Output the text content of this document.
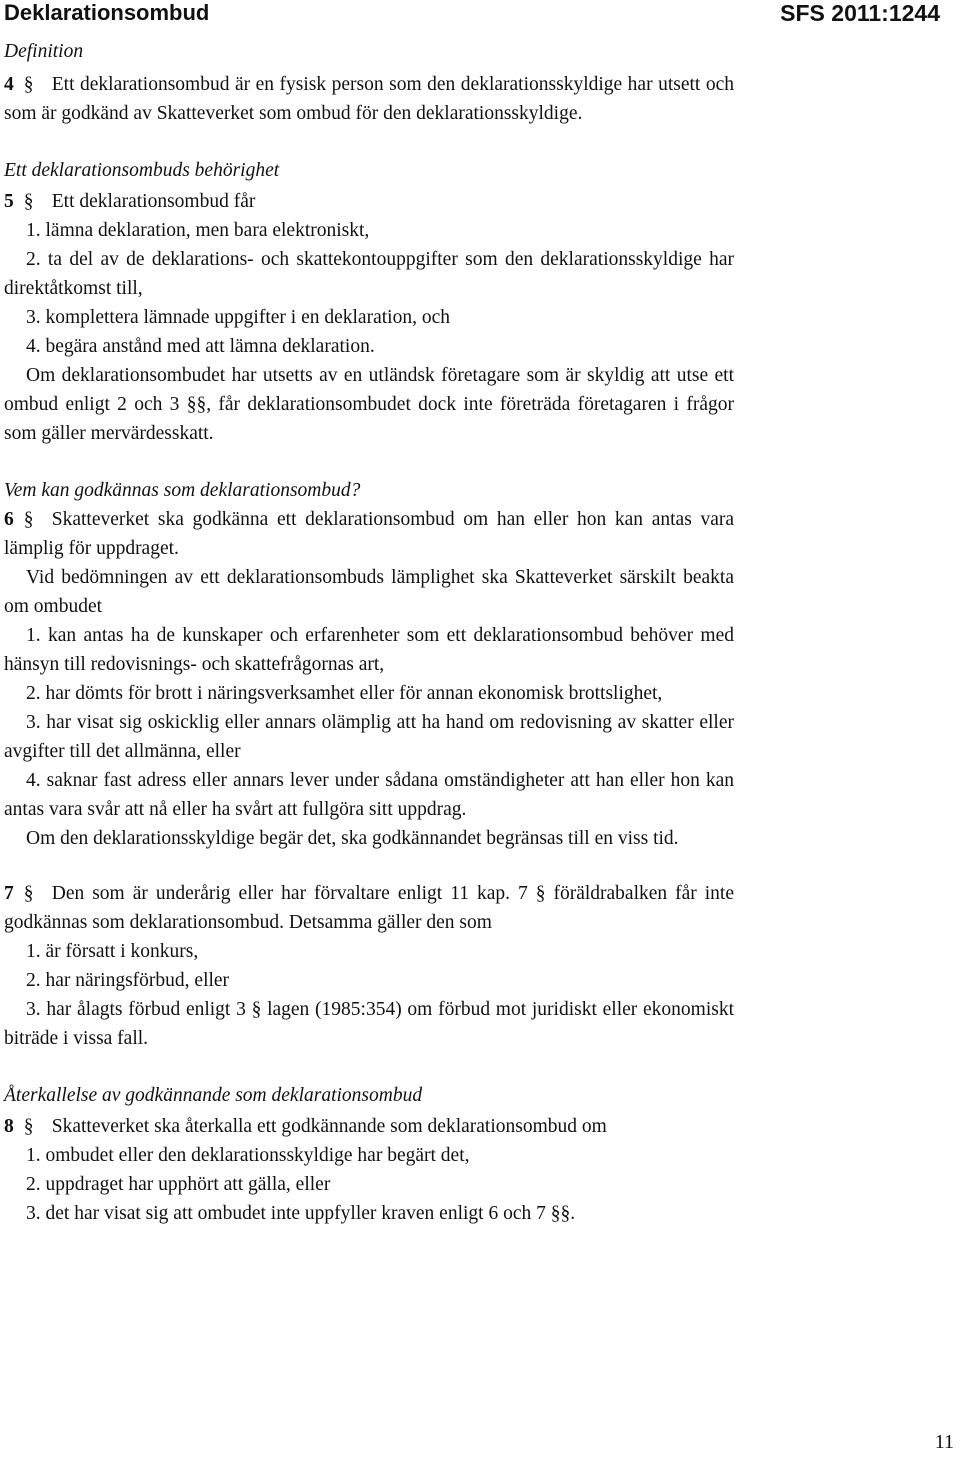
Deklarationsombud	SFS 2011:1244

Definition

4 § Ett deklarationsombud är en fysisk person som den deklarationsskyldige har utsett och som är godkänd av Skatteverket som ombud för den deklarationsskyldige.

Ett deklarationsombuds behörighet

5 § Ett deklarationsombud får

1. lämna deklaration, men bara elektroniskt,

2. ta del av de deklarations- och skattekontouppgifter som den deklarationsskyldige har direktåtkomst till,

3. komplettera lämnade uppgifter i en deklaration, och

4. begära anstånd med att lämna deklaration.

Om deklarationsombudet har utsetts av en utländsk företagare som är skyldig att utse ett ombud enligt 2 och 3 §§, får deklarationsombudet dock inte företräda företagaren i frågor som gäller mervärdesskatt.

Vem kan godkännas som deklarationsombud?

6 § Skatteverket ska godkänna ett deklarationsombud om han eller hon kan antas vara lämplig för uppdraget.

Vid bedömningen av ett deklarationsombuds lämplighet ska Skatteverket särskilt beakta om ombudet

1. kan antas ha de kunskaper och erfarenheter som ett deklarationsombud behöver med hänsyn till redovisnings- och skattefrågornas art,

2. har dömts för brott i näringsverksamhet eller för annan ekonomisk brottslighet,

3. har visat sig oskicklig eller annars olämplig att ha hand om redovisning av skatter eller avgifter till det allmänna, eller

4. saknar fast adress eller annars lever under sådana omständigheter att han eller hon kan antas vara svår att nå eller ha svårt att fullgöra sitt uppdrag.

Om den deklarationsskyldige begär det, ska godkännandet begränsas till en viss tid.

7 § Den som är underårig eller har förvaltare enligt 11 kap. 7 § föräldrabalken får inte godkännas som deklarationsombud. Detsamma gäller den som

1. är försatt i konkurs,

2. har näringsförbud, eller

3. har ålagts förbud enligt 3 § lagen (1985:354) om förbud mot juridiskt eller ekonomiskt biträde i vissa fall.

Återkallelse av godkännande som deklarationsombud

8 § Skatteverket ska återkalla ett godkännande som deklarationsombud om

1. ombudet eller den deklarationsskyldige har begärt det,

2. uppdraget har upphört att gälla, eller

3. det har visat sig att ombudet inte uppfyller kraven enligt 6 och 7 §§.

11
